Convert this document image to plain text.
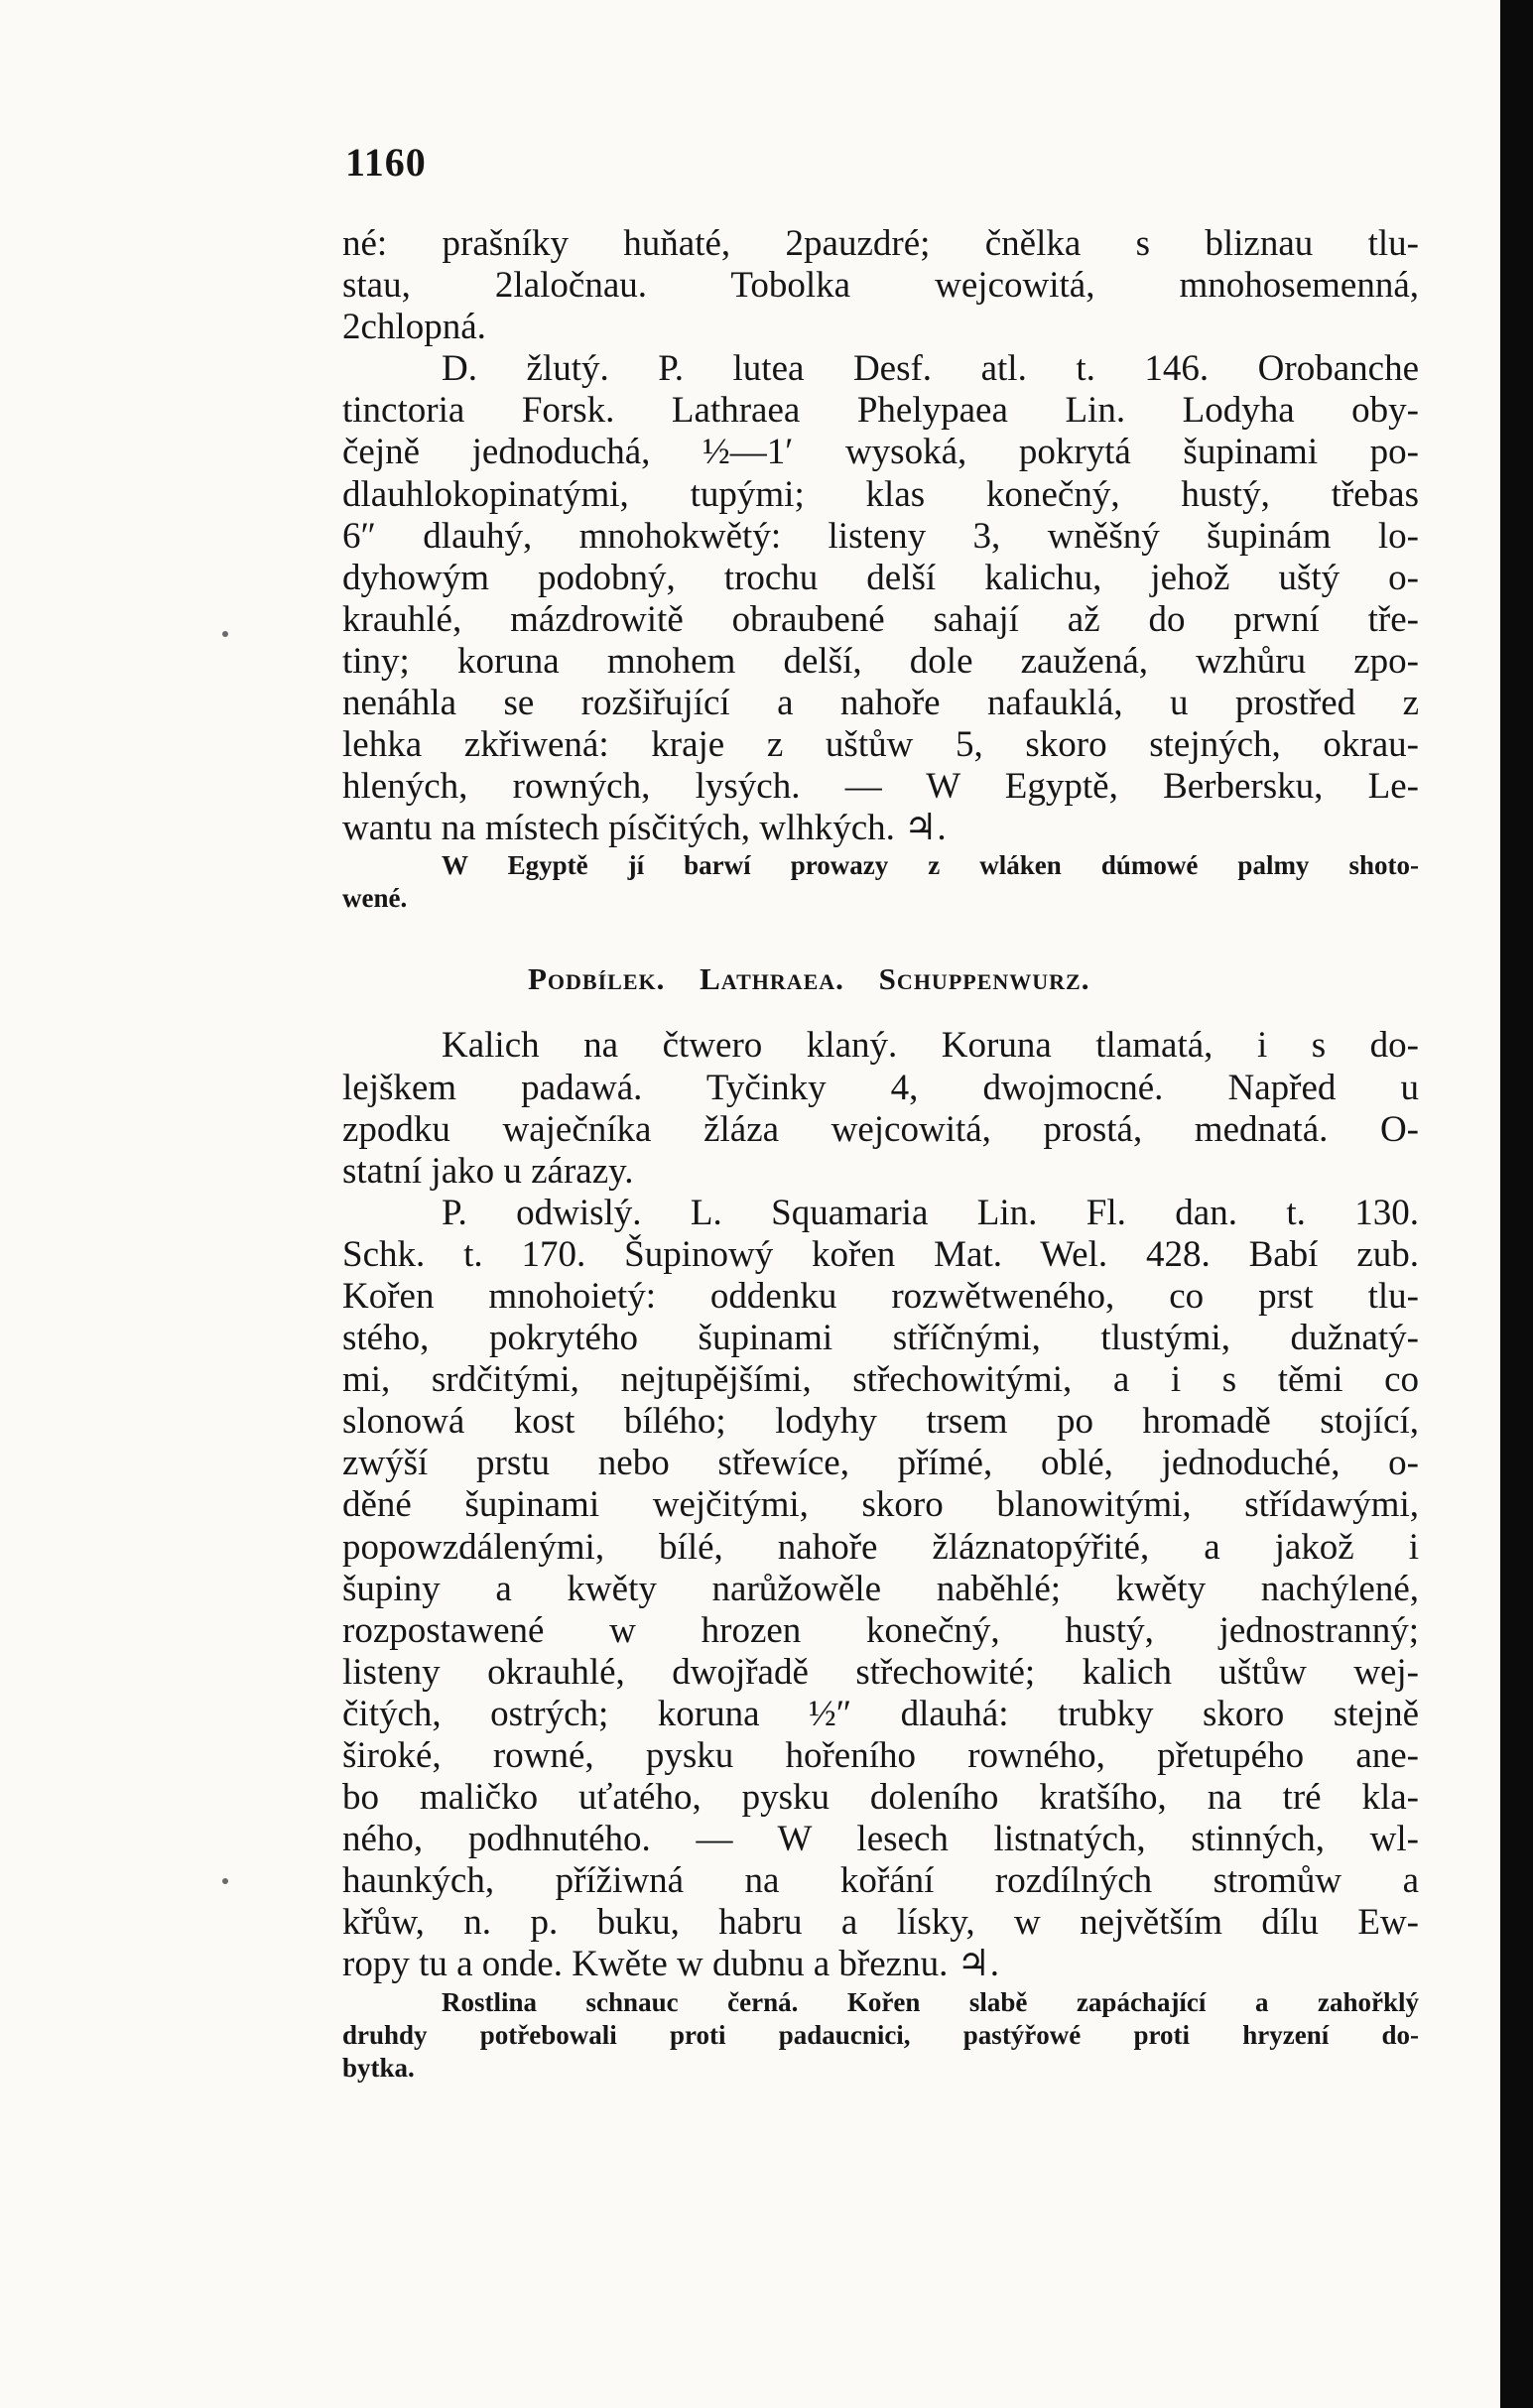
1160
né: prašníky huňaté, 2pauzdré; čnělka s bliznau tlu-
stau, 2laločnau. Tobolka wejcowitá, mnohosemenná,
2chlopná.
D. žlutý. P. lutea Desf. atl. t. 146. Orobanche
tinctoria Forsk. Lathraea Phelypaea Lin. Lodyha oby-
čejně jednoduchá, ½—1′ wysoká, pokrytá šupinami po-
dlauhlokopinatými, tupými; klas konečný, hustý, třebas
6″ dlauhý, mnohokwětý: listeny 3, wněšný šupinám lo-
dyhowým podobný, trochu delší kalichu, jehož uštý o-
krauhlé, mázdrowitě obraubené sahají až do prwní tře-
tiny; koruna mnohem delší, dole zaužená, wzhůru zpo-
nenáhla se rozšiřující a nahoře nafauklá, u prostřed z
lehka zkřiwená: kraje z uštůw 5, skoro stejných, okrau-
hlených, rowných, lysých. — W Egyptě, Berbersku, Le-
wantu na místech písčitých, wlhkých. ♃.
W Egyptě jí barwí prowazy z wláken dúmowé palmy shoto-
wené.
Podbílek. Lathraea. Schuppenwurz.
Kalich na čtwero klaný. Koruna tlamatá, i s do-
lejškem padawá. Tyčinky 4, dwojmocné. Napřed u
zpodku waječníka žláza wejcowitá, prostá, mednatá. O-
statní jako u zárazy.
P. odwislý. L. Squamaria Lin. Fl. dan. t. 130.
Schk. t. 170. Šupinowý kořen Mat. Wel. 428. Babí zub.
Kořen mnohoietý: oddenku rozwětweného, co prst tlu-
stého, pokrytého šupinami stříčnými, tlustými, dužnatý-
mi, srdčitými, nejtupějšími, střechowitými, a i s těmi co
slonowá kost bílého; lodyhy trsem po hromadě stojící,
zwýší prstu nebo střewíce, přímé, oblé, jednoduché, o-
děné šupinami wejčitými, skoro blanowitými, střídawými,
popowzdálenými, bílé, nahoře žláznatopýřité, a jakož i
šupiny a kwěty narůžowěle naběhlé; kwěty nachýlené,
rozpostawené w hrozen konečný, hustý, jednostranný;
listeny okrauhlé, dwojřadě střechowité; kalich uštůw wej-
čitých, ostrých; koruna ½″ dlauhá: trubky skoro stejně
široké, rowné, pysku hořeního rowného, přetupého ane-
bo maličko uťatého, pysku doleního kratšího, na tré kla-
ného, podhnutého. — W lesech listnatých, stinných, wl-
haunkých, přížiwná na kořání rozdílných stromůw a
křůw, n. p. buku, habru a lísky, w největším dílu Ew-
ropy tu a onde. Kwěte w dubnu a březnu. ♃.
Rostlina schnauc černá. Kořen slabě zapáchající a zahořklý
druhdy potřebowali proti padaucnici, pastýřowé proti hryzení do-
bytka.
